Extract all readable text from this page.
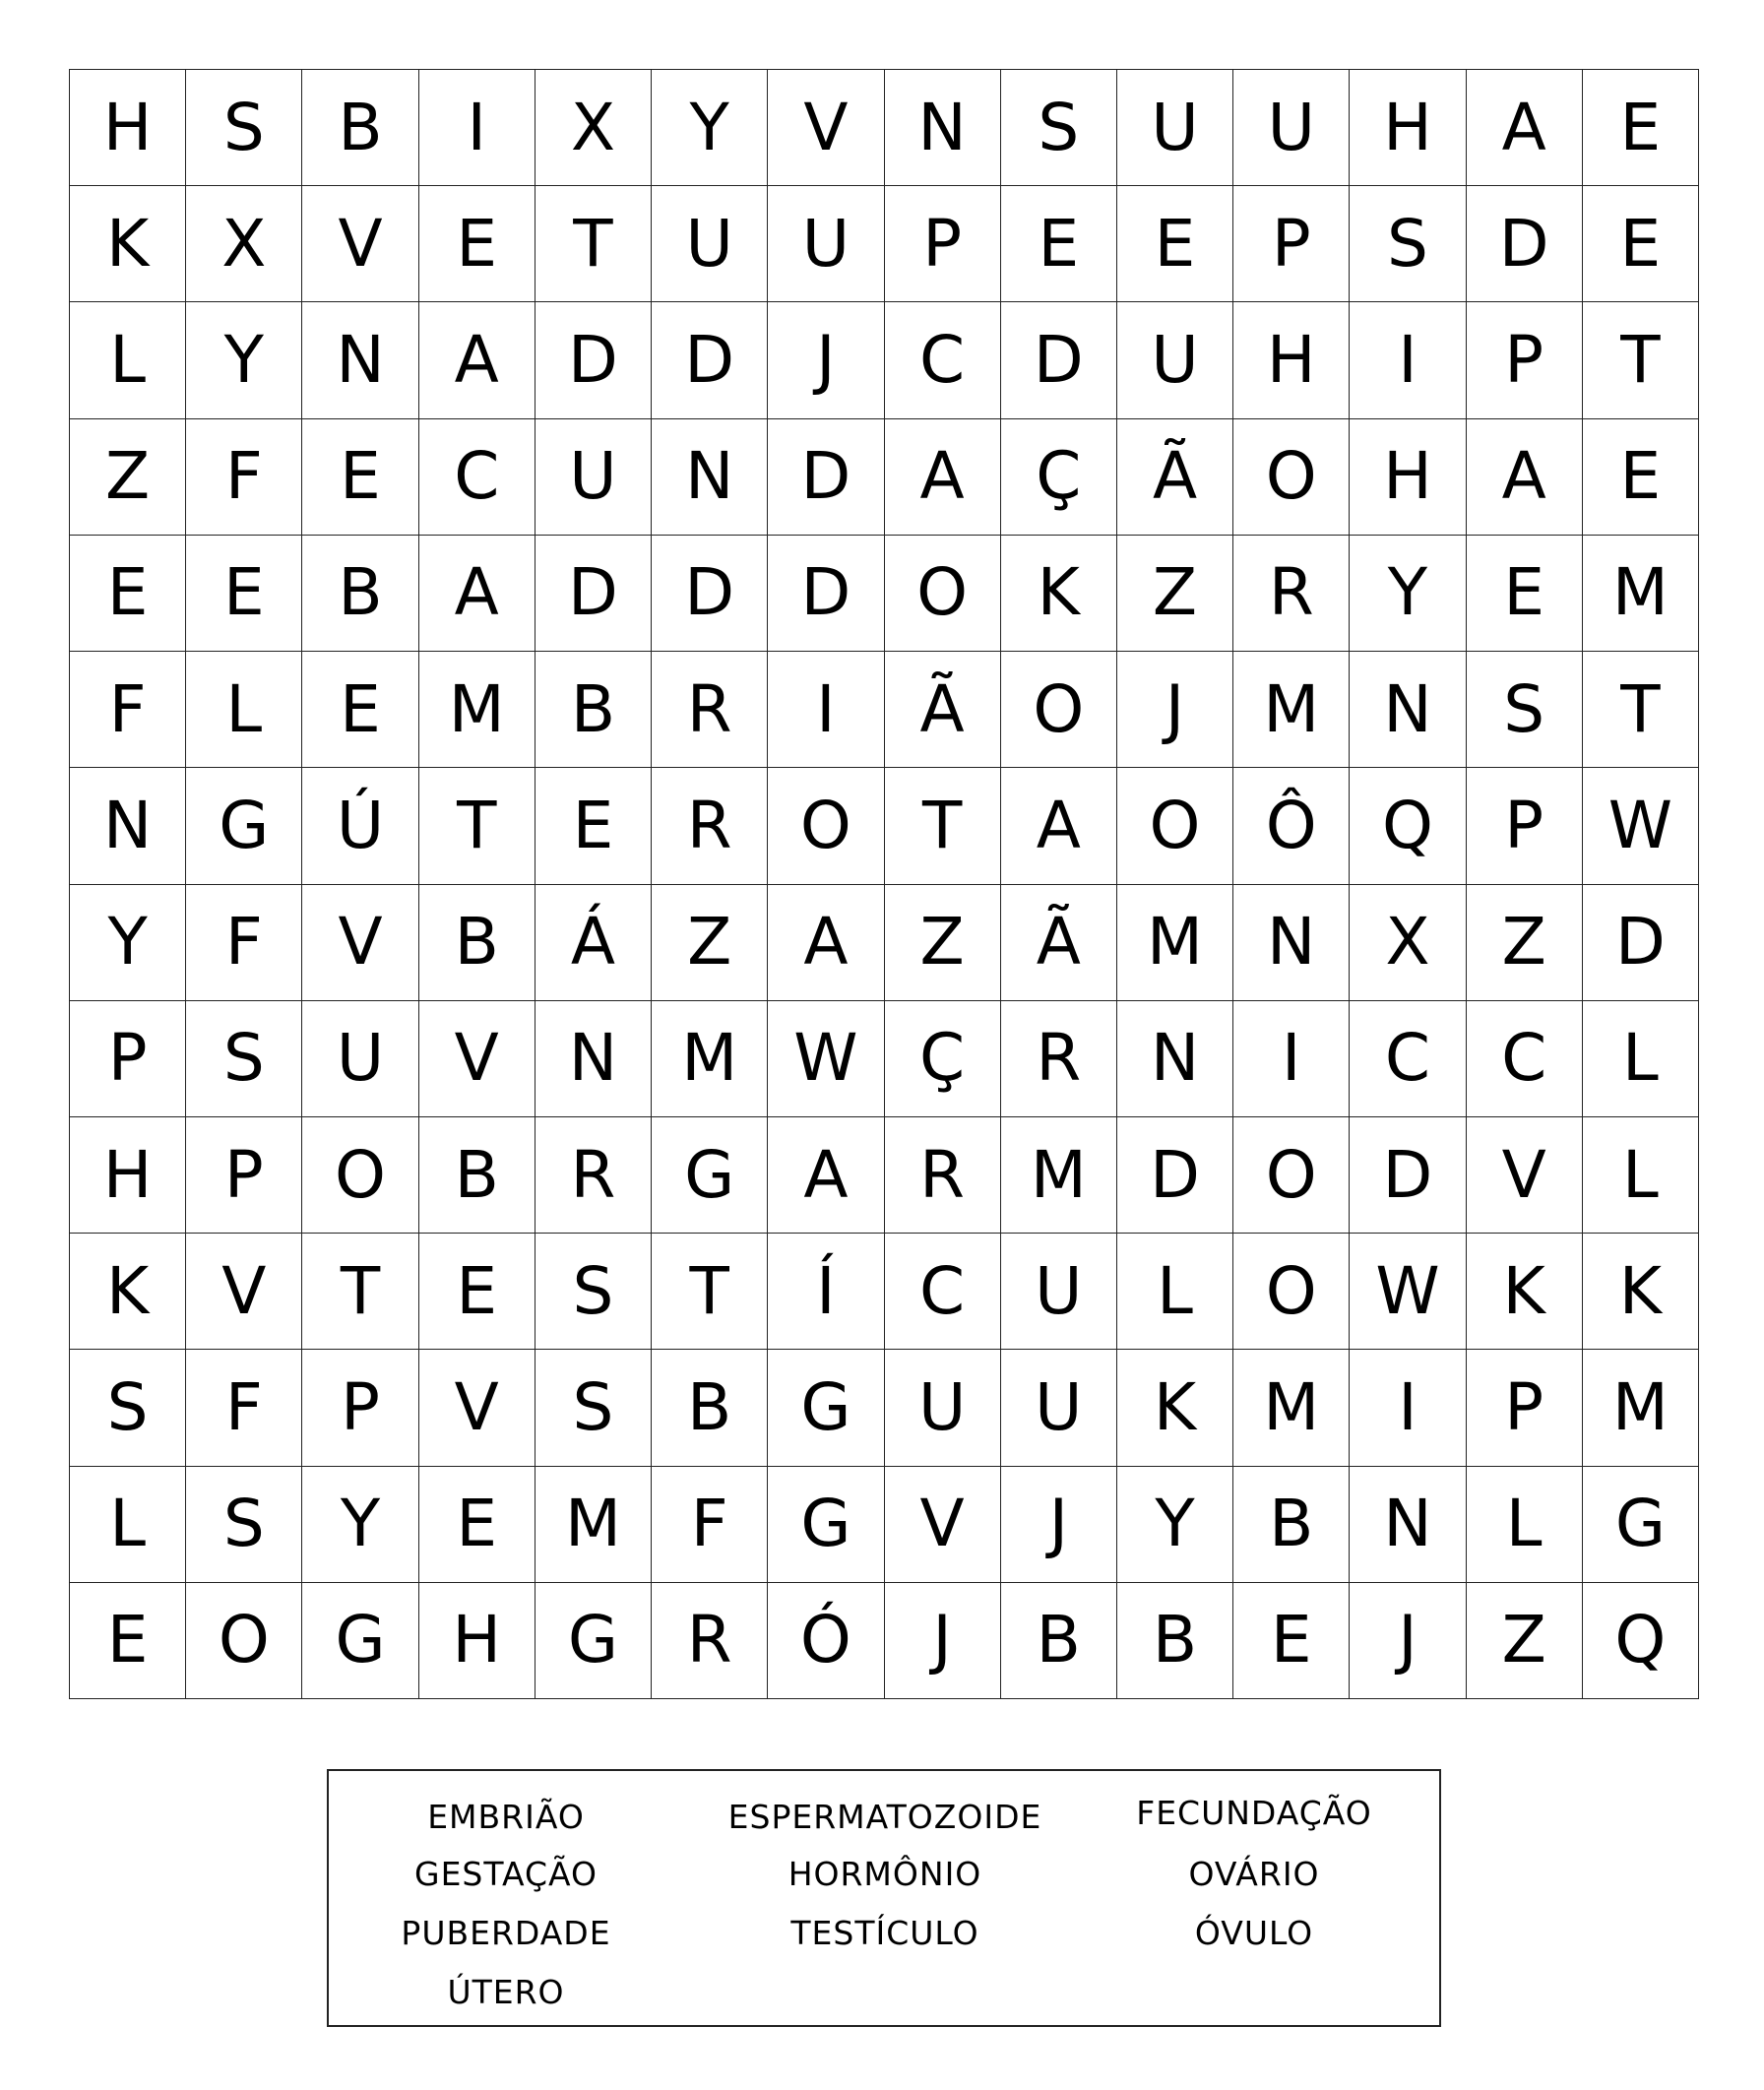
H	S	B	I	X	Y	V	N	S	U	U	H	A	E
K	X	V	E	T	U	U	P	E	E	P	S	D	E
L	Y	N	A	D	D	J	C	D	U	H	I	P	T
Z	F	E	C	U	N	D	A	Ç	Ã	O	H	A	E
E	E	B	A	D	D	D	O	K	Z	R	Y	E	M
F	L	E	M	B	R	I	Ã	O	J	M N	S	T
N	G	Ú	T	E	R	O	T	A	O	Ô	Q	P W
Y	F	V	B	Á	Z	A	Z	Ã	M N	X	Z	D
P	S	U	V	N M W Ç	R	N	I	C	C	L
H	P	O	B	R	G	A	R	M D	O	D	V	L
K	V	T	E	S	T	Í	C	U	L	O W K	K
S	F	P	V	S	B	G	U	U	K	M	I	P	M
L	S	Y	E	M	F	G	V	J	Y	B	N	L	G
E	O	G	H	G	R	Ó	J	B	B	E	J	Z	Q
EMBRIÃO
GESTAÇÃO
PUBERDADE
ÚTERO
ESPERMATOZOIDE
HORMÔNIO
TESTÍCULO
FECUNDAÇÃO
OVÁRIO
ÓVULO
